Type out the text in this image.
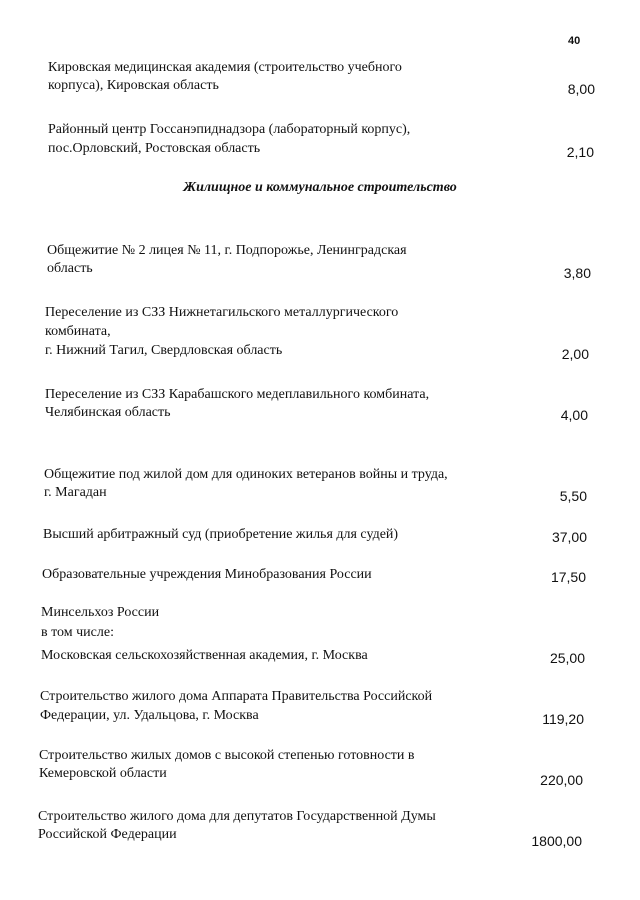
40
Кировская медицинская академия (строительство учебного
корпуса), Кировская область	8,00
Районный центр Госсанэпиднадзора (лабораторный корпус),
пос.Орловский, Ростовская область	2,10
Жилищное и коммунальное строительство
Общежитие № 2 лицея № 11, г. Подпорожье, Ленинградская
область	3,80
Переселение из СЗЗ Нижнетагильского металлургического
комбината,
г. Нижний Тагил, Свердловская область	2,00
Переселение из СЗЗ Карабашского медеплавильного комбината,
Челябинская область	4,00
Общежитие под жилой дом для одиноких ветеранов войны и труда,
г. Магадан	5,50
Высший арбитражный суд (приобретение жилья для судей)	37,00
Образовательные учреждения Минобразования России	17,50
Минсельхоз России
в том числе:
Московская сельскохозяйственная академия, г. Москва	25,00
Строительство жилого дома Аппарата Правительства Российской
Федерации, ул. Удальцова, г. Москва	119,20
Строительство жилых домов с высокой степенью готовности в
Кемеровской области	220,00
Строительство жилого дома для депутатов Государственной Думы
Российской Федерации	1800,00
